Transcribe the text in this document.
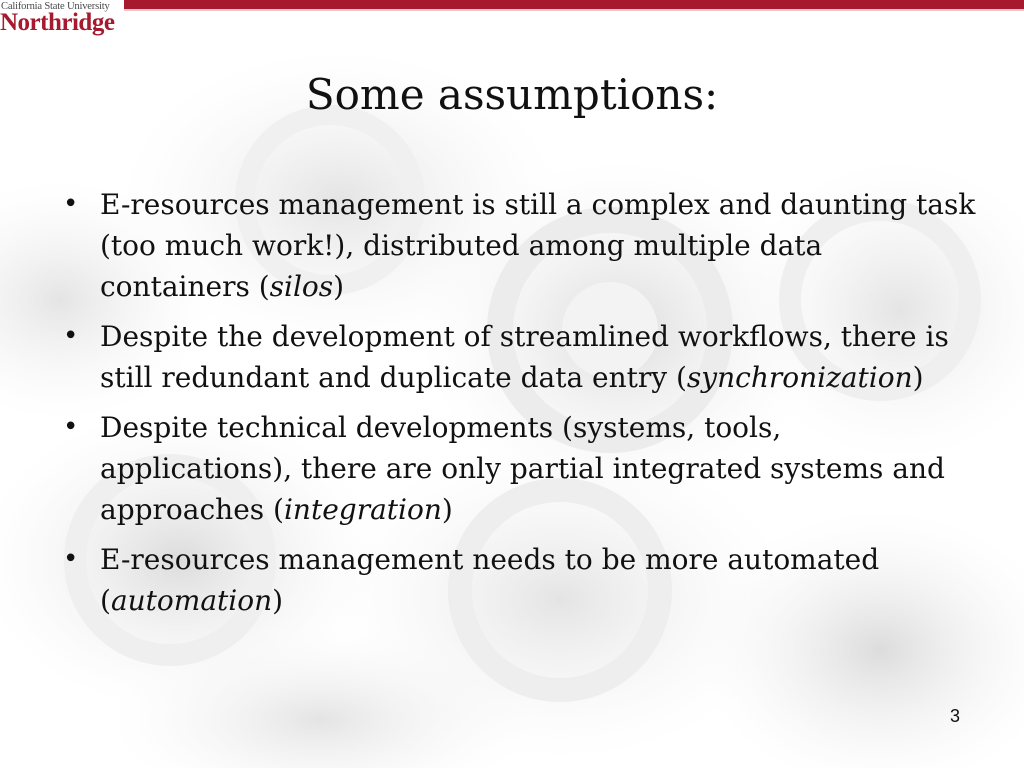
California State University
Northridge
Some assumptions:
• E-resources management is still a complex and daunting task (too much work!), distributed among multiple data containers (silos)
• Despite the development of streamlined workflows, there is still redundant and duplicate data entry (synchronization)
• Despite technical developments (systems, tools, applications), there are only partial integrated systems and approaches (integration)
• E-resources management needs to be more automated (automation)
3
